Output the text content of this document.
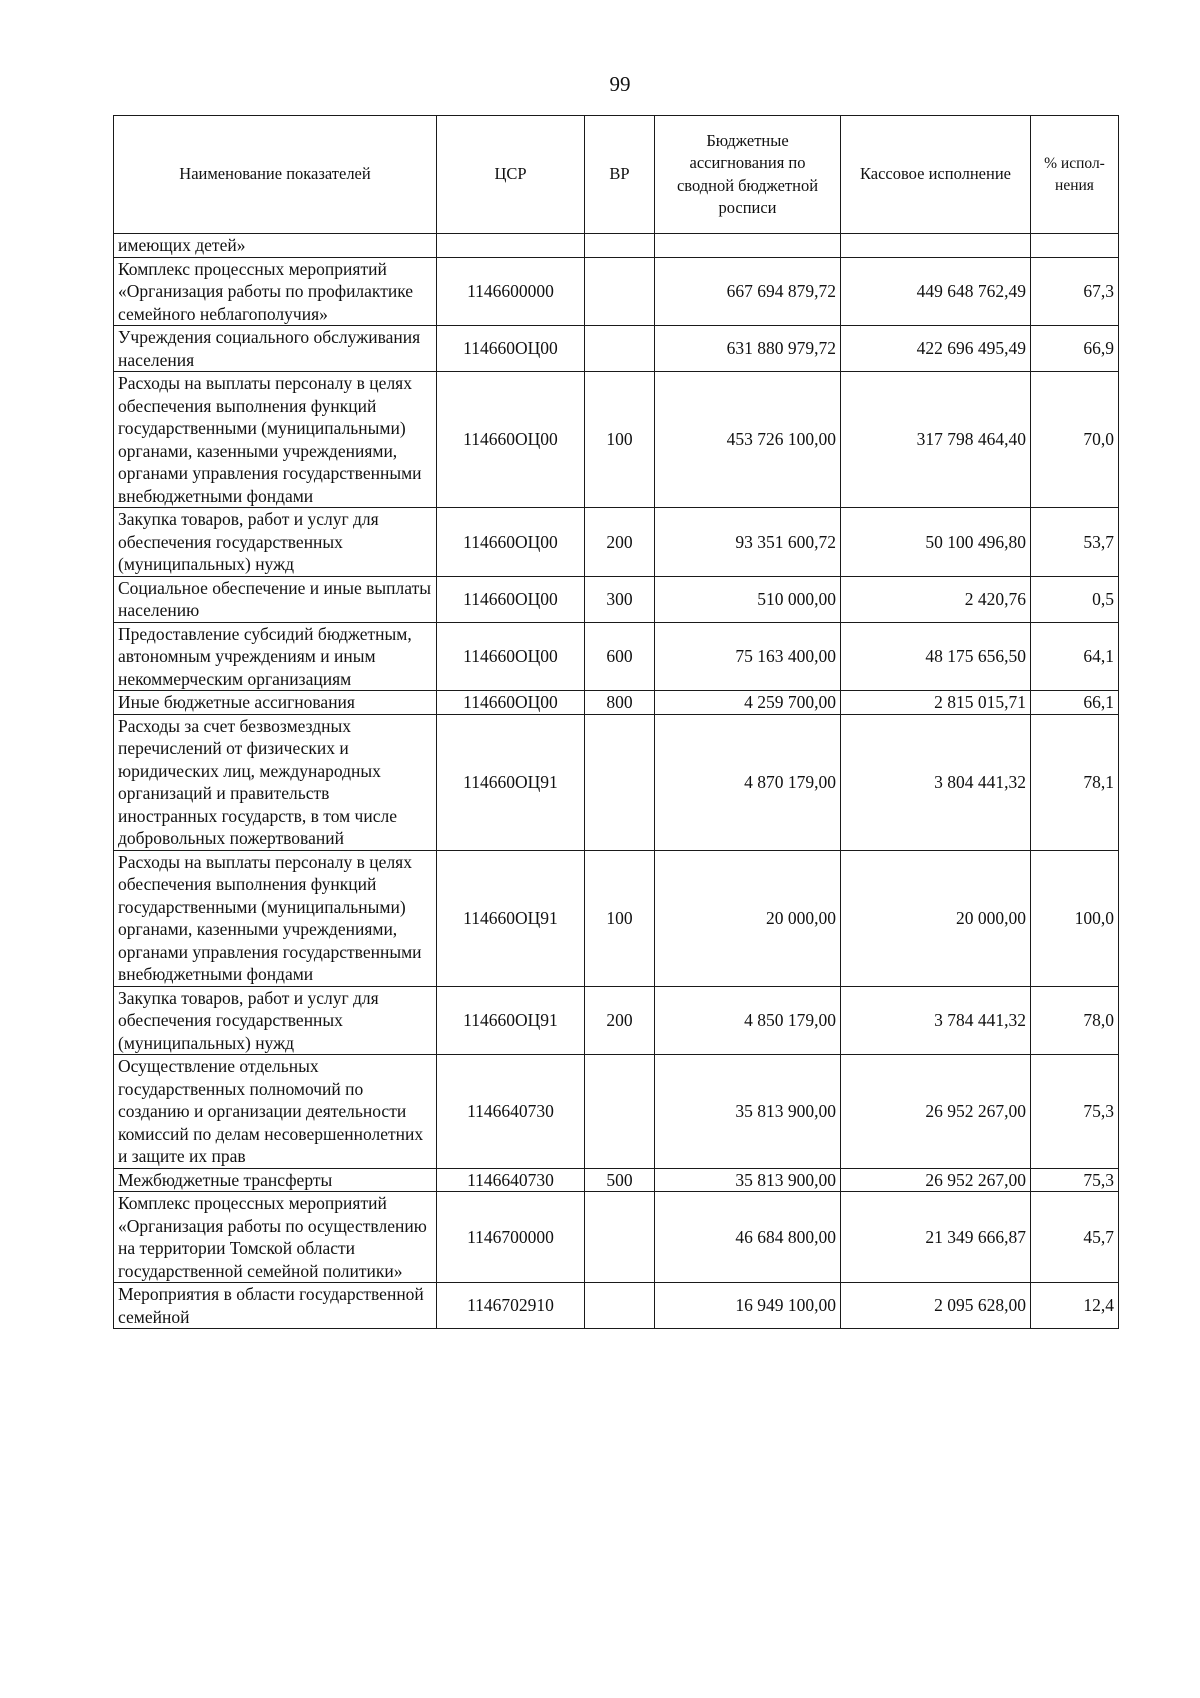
99
Наименование показателей	ЦСР	ВР	Бюджетные ассигнования по сводной бюджетной росписи	Кассовое исполнение	% испол-нения
имеющих детей»					
Комплекс процессных мероприятий «Организация работы по профилактике семейного неблагополучия»	1146600000		667 694 879,72	449 648 762,49	67,3
Учреждения социального обслуживания населения	114660ОЦ00		631 880 979,72	422 696 495,49	66,9
Расходы на выплаты персоналу в целях обеспечения выполнения функций государственными (муниципальными) органами, казенными учреждениями, органами управления государственными внебюджетными фондами	114660ОЦ00	100	453 726 100,00	317 798 464,40	70,0
Закупка товаров, работ и услуг для обеспечения государственных (муниципальных) нужд	114660ОЦ00	200	93 351 600,72	50 100 496,80	53,7
Социальное обеспечение и иные выплаты населению	114660ОЦ00	300	510 000,00	2 420,76	0,5
Предоставление субсидий бюджетным, автономным учреждениям и иным некоммерческим организациям	114660ОЦ00	600	75 163 400,00	48 175 656,50	64,1
Иные бюджетные ассигнования	114660ОЦ00	800	4 259 700,00	2 815 015,71	66,1
Расходы за счет безвозмездных перечислений от физических и юридических лиц, международных организаций и правительств иностранных государств, в том числе добровольных пожертвований	114660ОЦ91		4 870 179,00	3 804 441,32	78,1
Расходы на выплаты персоналу в целях обеспечения выполнения функций государственными (муниципальными) органами, казенными учреждениями, органами управления государственными внебюджетными фондами	114660ОЦ91	100	20 000,00	20 000,00	100,0
Закупка товаров, работ и услуг для обеспечения государственных (муниципальных) нужд	114660ОЦ91	200	4 850 179,00	3 784 441,32	78,0
Осуществление отдельных государственных полномочий по созданию и организации деятельности комиссий по делам несовершеннолетних и защите их прав	1146640730		35 813 900,00	26 952 267,00	75,3
Межбюджетные трансферты	1146640730	500	35 813 900,00	26 952 267,00	75,3
Комплекс процессных мероприятий «Организация работы по осуществлению на территории Томской области государственной семейной политики»	1146700000		46 684 800,00	21 349 666,87	45,7
Мероприятия в области государственной семейной	1146702910		16 949 100,00	2 095 628,00	12,4
